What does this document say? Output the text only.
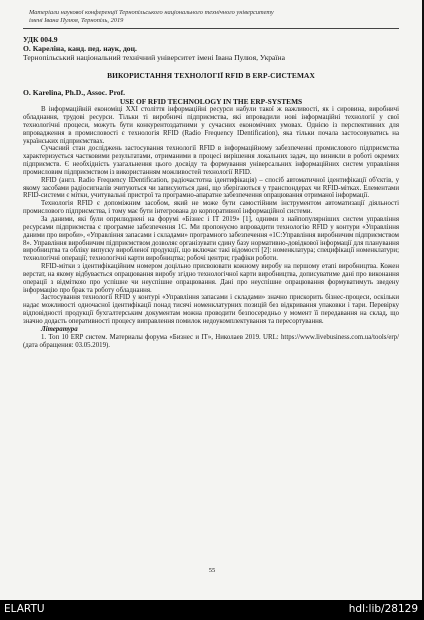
Матеріали наукової конференції Тернопільського національного технічного університету
імені Івана Пулюя, Тернопіль, 2019
УДК 004.9
О. Кареліна, канд. пед. наук, доц.
Тернопільський національний технічний університет імені Івана Пулюя, Україна
ВИКОРИСТАННЯ ТЕХНОЛОГІЇ RFID В ERP-СИСТЕМАХ
O. Karelina, Ph.D., Assoc. Prof.
USE OF RFID TECHNOLOGY IN THE ERP-SYSTEMS

В інформаційній економіці XXI століття інформаційні ресурси набули такої ж важливості, як і сировина, виробничі обладнання, трудові ресурси. Тільки ті виробничі підприємства, які впровадили нові інформаційні технології у свої технологічні процеси, можуть бути конкурентоздатними у сучасних економічних умовах. Однією із перспективних для впровадження в промисловості є технологія RFID (Radio Frequency IDentification), яка тільки почала застосовуватись на українських підприємствах.

Сучасний стан досліджень застосування технології RFID в інформаційному забезпеченні промислового підприємства характеризується частковими результатами, отриманими в процесі вирішення локальних задач, що виникли в роботі окремих підприємств. Є необхідність узагальнення цього досвіду та формування універсальних інформаційних систем управління промисловим підприємством із використанням можливостей технології RFID.

RFID (англ. Radio Frequency IDentification, радіочастотна ідентифікація) – спосіб автоматичної ідентифікації об'єктів, у якому засобами радіосигналів зчитуються чи записуються дані, що зберігаються у транспондерах чи RFID-мітках. Елементами RFID-системи є мітки, учитувальні пристрої та програмно-апаратне забезпечення опрацювання отриманої інформації.

Технологія RFID є допоміжним засобом, який не може бути самостійним інструментом автоматизації діяльності промислового підприємства, і тому має бути інтегрована до корпоративної інформаційної системи.

За даними, які були оприлюднені на форумі «Бізнес і IT 2019» [1], одними з найпопулярніших систем управління ресурсами підприємства є програмне забезпечення 1С. Ми пропонуємо впровадити технологію RFID у контури «Управління даними про вироби», «Управління запасами і складами» програмного забезпечення «1С:Управління виробничим підприємством 8». Управління виробничим підприємством дозволяє організувати єдину базу нормативно-довідкової інформації для планування виробництва та обліку випуску виробленої продукції, що включає такі відомості [2]: номенклатура; специфікації номенклатури; технологічні операції; технологічні карти виробництва; робочі центри; графіки роботи.

RFID-мітки з ідентифікаційним номером доцільно присвоювати кожному виробу на першому етапі виробництва. Кожен верстат, на якому відбувається опрацювання виробу згідно технологічної карти виробництва, дописуватиме дані про виконання операції з відміткою про успішне чи неуспішне опрацювання. Дані про неуспішне опрацювання формуватимуть зведену інформацію про брак та роботу обладнання.

Застосування технології RFID у контурі «Управління запасами і складами» значно прискорить бізнес-процеси, оскільки надає можливості одночасної ідентифікації понад тисячі номенклатурних позицій без відкривання упаковки і тари. Перевірку відповідності продукції бухгалтерським документам можна проводити безпосередньо у момент її передавання на склад, що значно додасть оперативності процесу виправлення помилок недоукомплектування та пересортування.

Література
1. Топ 10 ERP систем. Материалы форума «Бизнес и IT», Николаев 2019. URL: https://www.livebusiness.com.ua/tools/erp/ (дата обращения: 03.05.2019).
55
ELARTU	hdl:lib/28129
